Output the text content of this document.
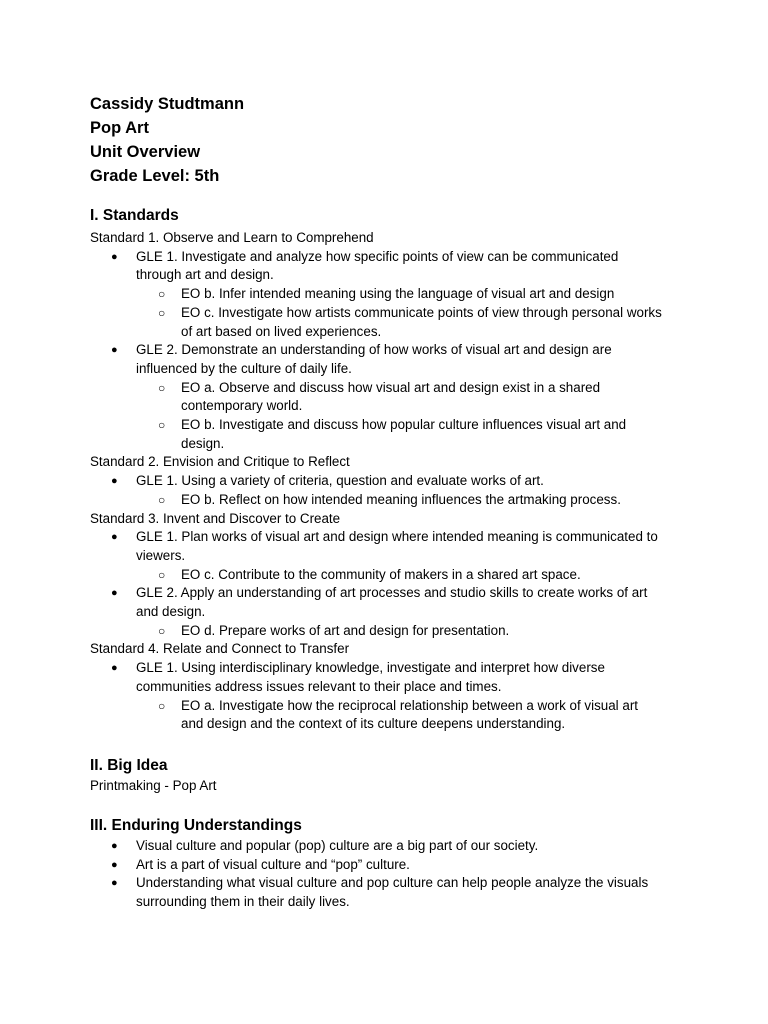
Cassidy Studtmann
Pop Art
Unit Overview
Grade Level: 5th
I. Standards

Standard 1. Observe and Learn to Comprehend

● GLE 1. Investigate and analyze how specific points of view can be communicated
through art and design.
○ EO b. Infer intended meaning using the language of visual art and design
○ EO c. Investigate how artists communicate points of view through personal works
of art based on lived experiences.
● GLE 2. Demonstrate an understanding of how works of visual art and design are
influenced by the culture of daily life.
○ EO a. Observe and discuss how visual art and design exist in a shared
contemporary world.
○ EO b. Investigate and discuss how popular culture influences visual art and
design.

Standard 2. Envision and Critique to Reflect

● GLE 1. Using a variety of criteria, question and evaluate works of art.
○ EO b. Reflect on how intended meaning influences the artmaking process.

Standard 3. Invent and Discover to Create

● GLE 1. Plan works of visual art and design where intended meaning is communicated to
viewers.
○ EO c. Contribute to the community of makers in a shared art space.
● GLE 2. Apply an understanding of art processes and studio skills to create works of art
and design.
○ EO d. Prepare works of art and design for presentation.

Standard 4. Relate and Connect to Transfer

● GLE 1. Using interdisciplinary knowledge, investigate and interpret how diverse
communities address issues relevant to their place and times.
○ EO a. Investigate how the reciprocal relationship between a work of visual art
and design and the context of its culture deepens understanding.
II. Big Idea

Printmaking - Pop Art

III. Enduring Understandings
● Visual culture and popular (pop) culture are a big part of our society.
● Art is a part of visual culture and “pop” culture.
● Understanding what visual culture and pop culture can help people analyze the visuals
surrounding them in their daily lives.
